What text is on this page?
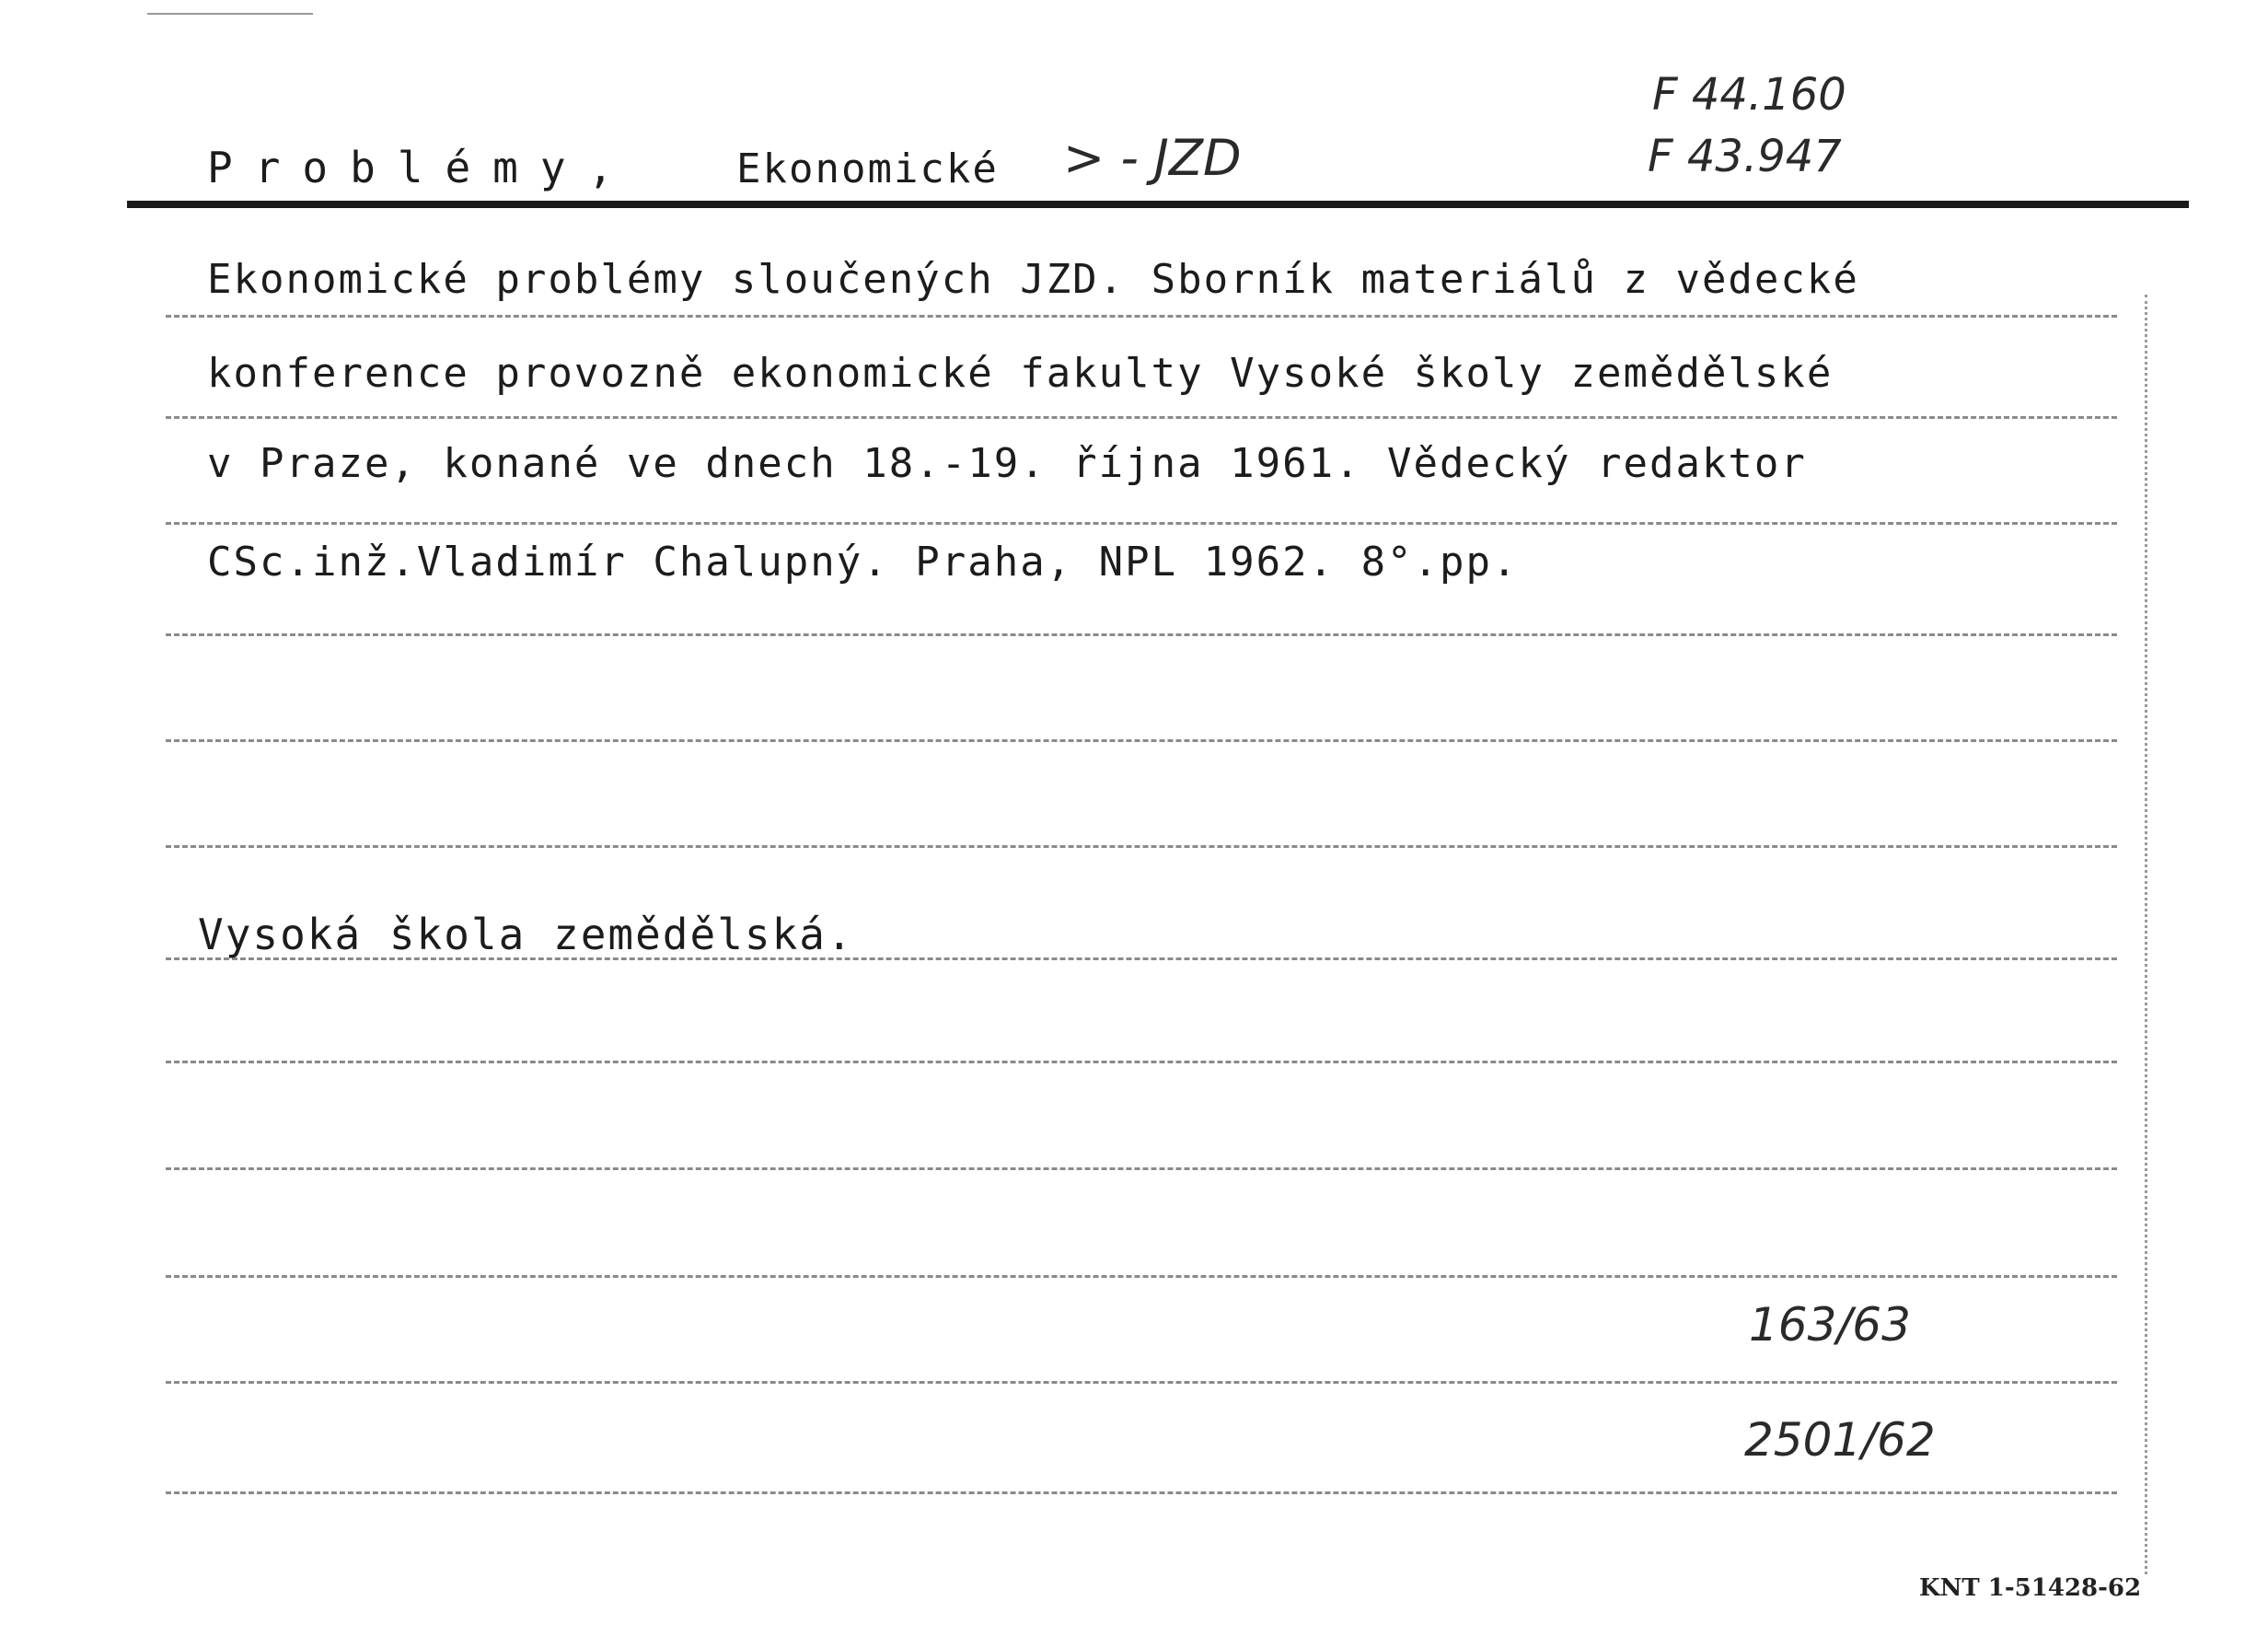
Problémy, Ekonomické > - JZD
F 44.160
F 43.947
Ekonomické problémy sloučených JZD. Sborník materiálů z vědecké
konference provozně ekonomické fakulty Vysoké školy zemědělské
v Praze, konané ve dnech 18.-19. října 1961. Vědecký redaktor
CSc.inž.Vladimír Chalupný. Praha, NPL 1962. 8°.pp.
Vysoká škola zemědělská.
163/63
2501/62
KNT 1-51428-62
